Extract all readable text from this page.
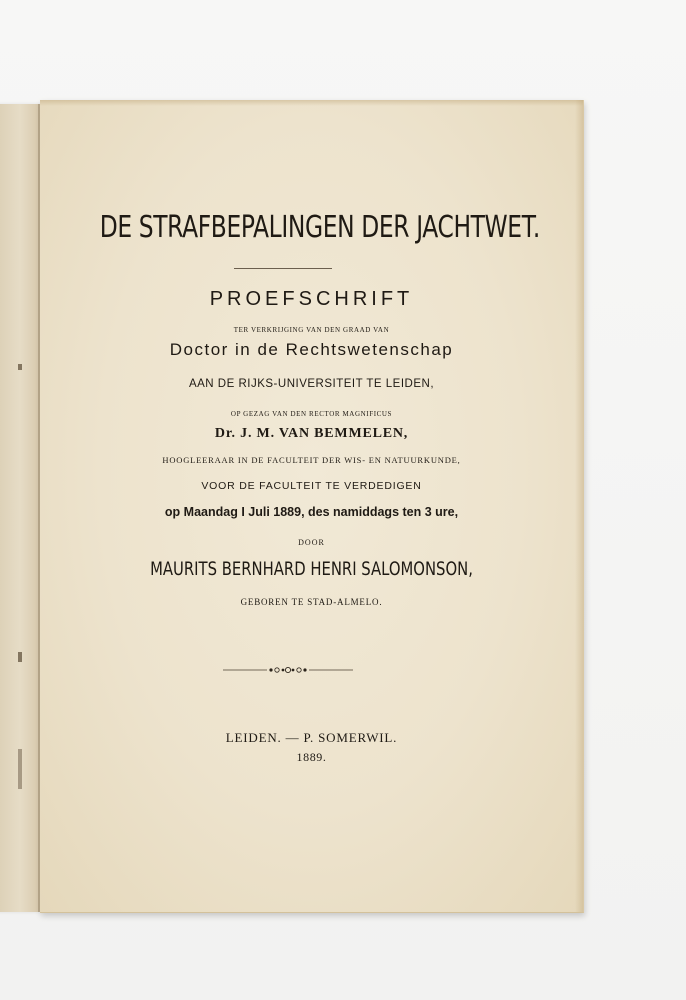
DE STRAFBEPALINGEN DER JACHTWET.
PROEFSCHRIFT
TER VERKRIJGING VAN DEN GRAAD VAN
Doctor in de Rechtswetenschap
AAN DE RIJKS-UNIVERSITEIT TE LEIDEN,
OP GEZAG VAN DEN RECTOR MAGNIFICUS
Dr. J. M. VAN BEMMELEN,
HOOGLEERAAR IN DE FACULTEIT DER WIS- EN NATUURKUNDE,
VOOR DE FACULTEIT TE VERDEDIGEN
op Maandag I Juli 1889, des namiddags ten 3 ure,
DOOR
MAURITS BERNHARD HENRI SALOMONSON,
GEBOREN TE STAD-ALMELO.
LEIDEN. — P. SOMERWIL.
1889.
